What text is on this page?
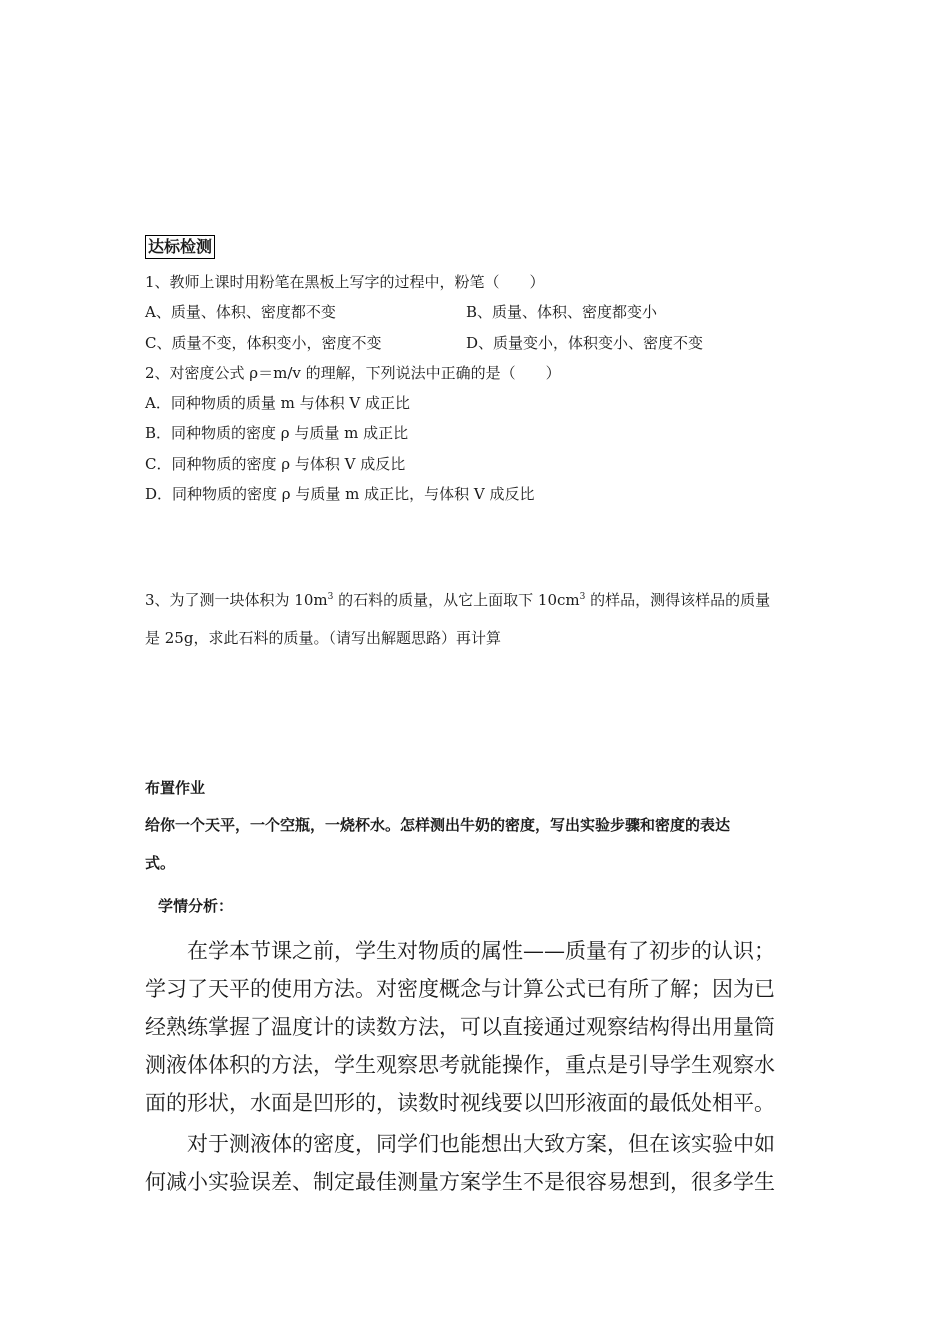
达标检测
1、教师上课时用粉笔在黑板上写字的过程中，粉笔（　　）
A、质量、体积、密度都不变	B、质量、体积、密度都变小
C、质量不变，体积变小，密度不变	D、质量变小，体积变小、密度不变
2、对密度公式 ρ＝m/v 的理解，下列说法中正确的是（　　）
A．同种物质的质量 m 与体积 V 成正比
B．同种物质的密度 ρ 与质量 m 成正比
C．同种物质的密度 ρ 与体积 V 成反比
D．同种物质的密度 ρ 与质量 m 成正比，与体积 V 成反比
3、为了测一块体积为 $10m^3$ 的石料的质量，从它上面取下 $10cm^3$ 的样品，测得该样品的质量
是 25g，求此石料的质量。（请写出解题思路）再计算
布置作业
给你一个天平，一个空瓶，一烧杯水。怎样测出牛奶的密度，写出实验步骤和密度的表达
式。
学情分析：
在学本节课之前，学生对物质的属性——质量有了初步的认识；
学习了天平的使用方法。对密度概念与计算公式已有所了解；因为已
经熟练掌握了温度计的读数方法，可以直接通过观察结构得出用量筒
测液体体积的方法，学生观察思考就能操作，重点是引导学生观察水
面的形状，水面是凹形的，读数时视线要以凹形液面的最低处相平。
对于测液体的密度，同学们也能想出大致方案，但在该实验中如
何减小实验误差、制定最佳测量方案学生不是很容易想到，很多学生
